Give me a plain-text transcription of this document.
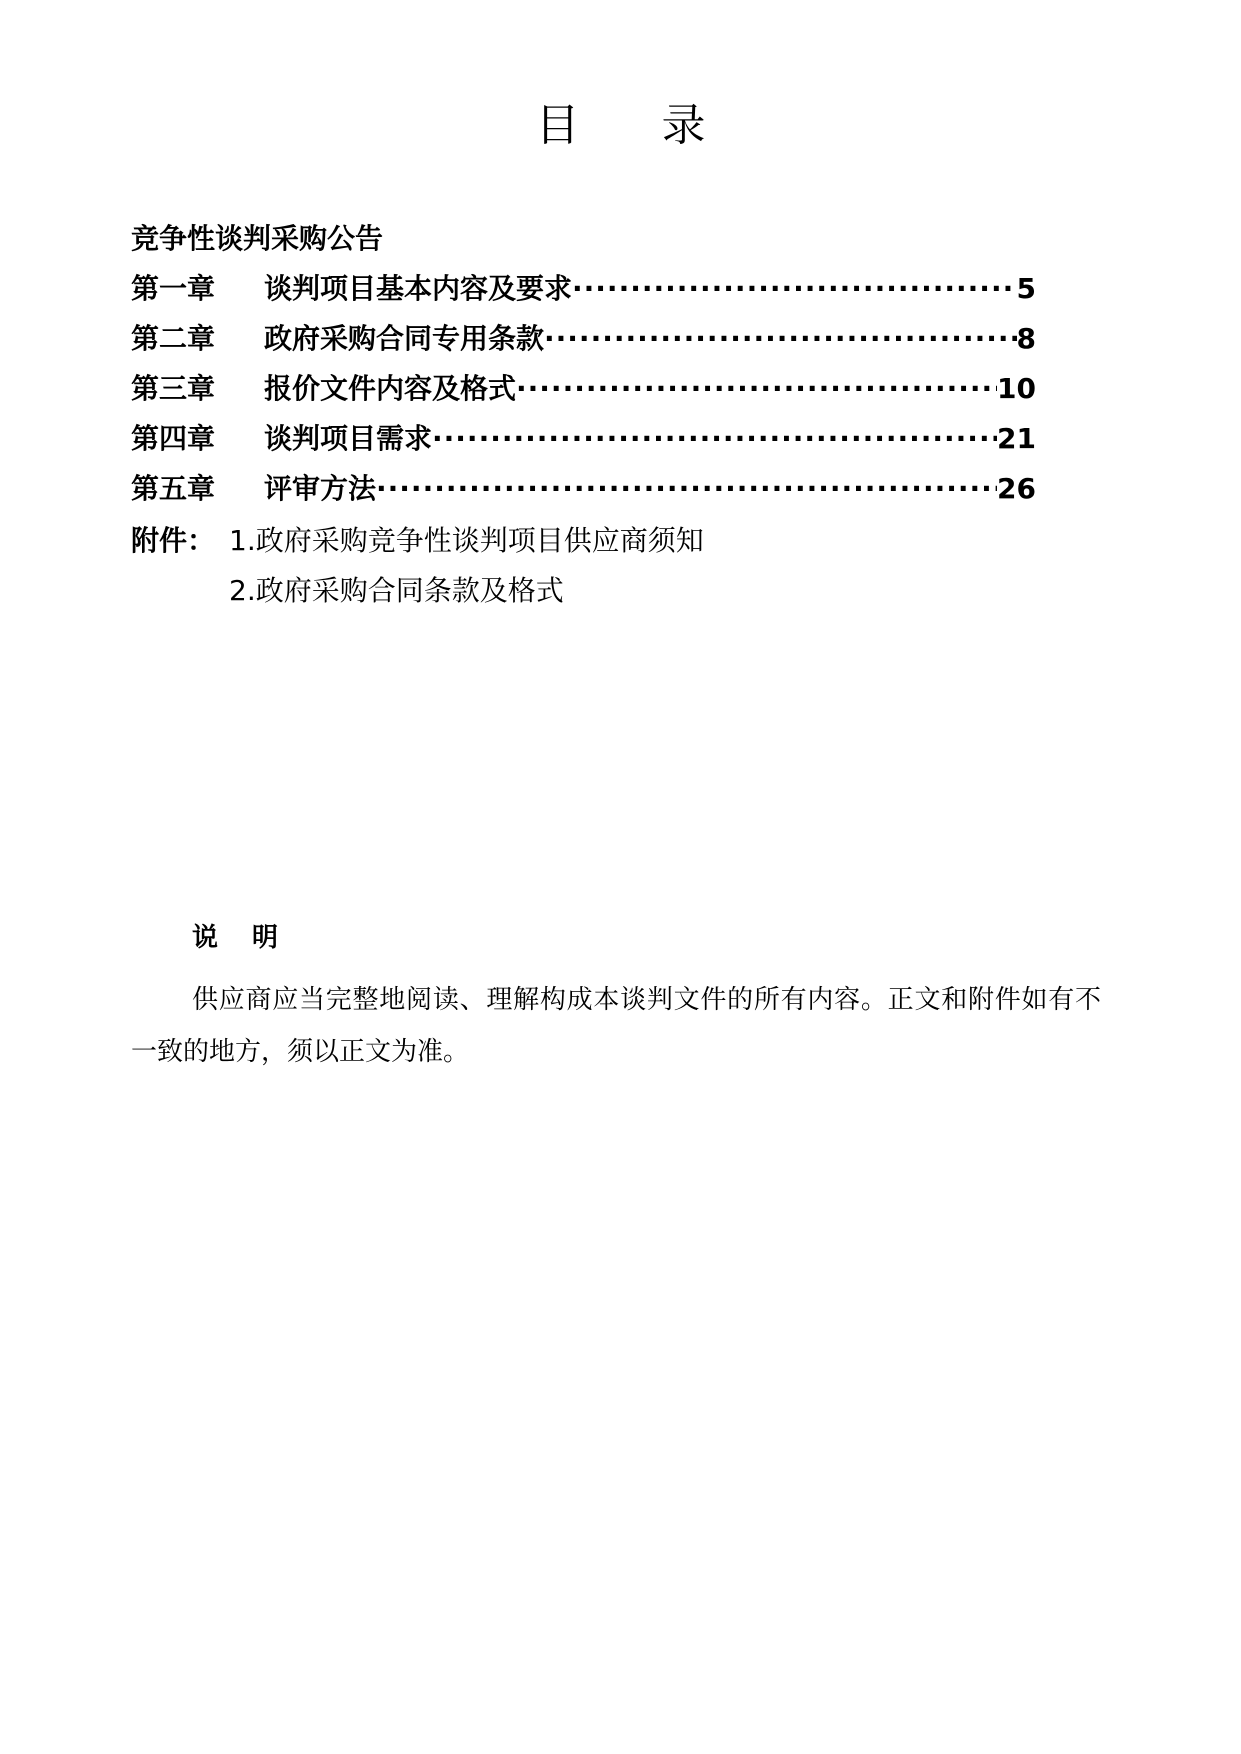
目 录
竞争性谈判采购公告
第一章	谈判项目基本内容及要求 ·····	5
第二章	政府采购合同专用条款 ·····	8
第三章	报价文件内容及格式 ·····	10
第四章	谈判项目需求 ·····	21
第五章	评审方法 ·····	26
附件： 1.政府采购竞争性谈判项目供应商须知
2.政府采购合同条款及格式
说明
供应商应当完整地阅读、理解构成本谈判文件的所有内容。正文和附件如有不一致的地方，须以正文为准。
